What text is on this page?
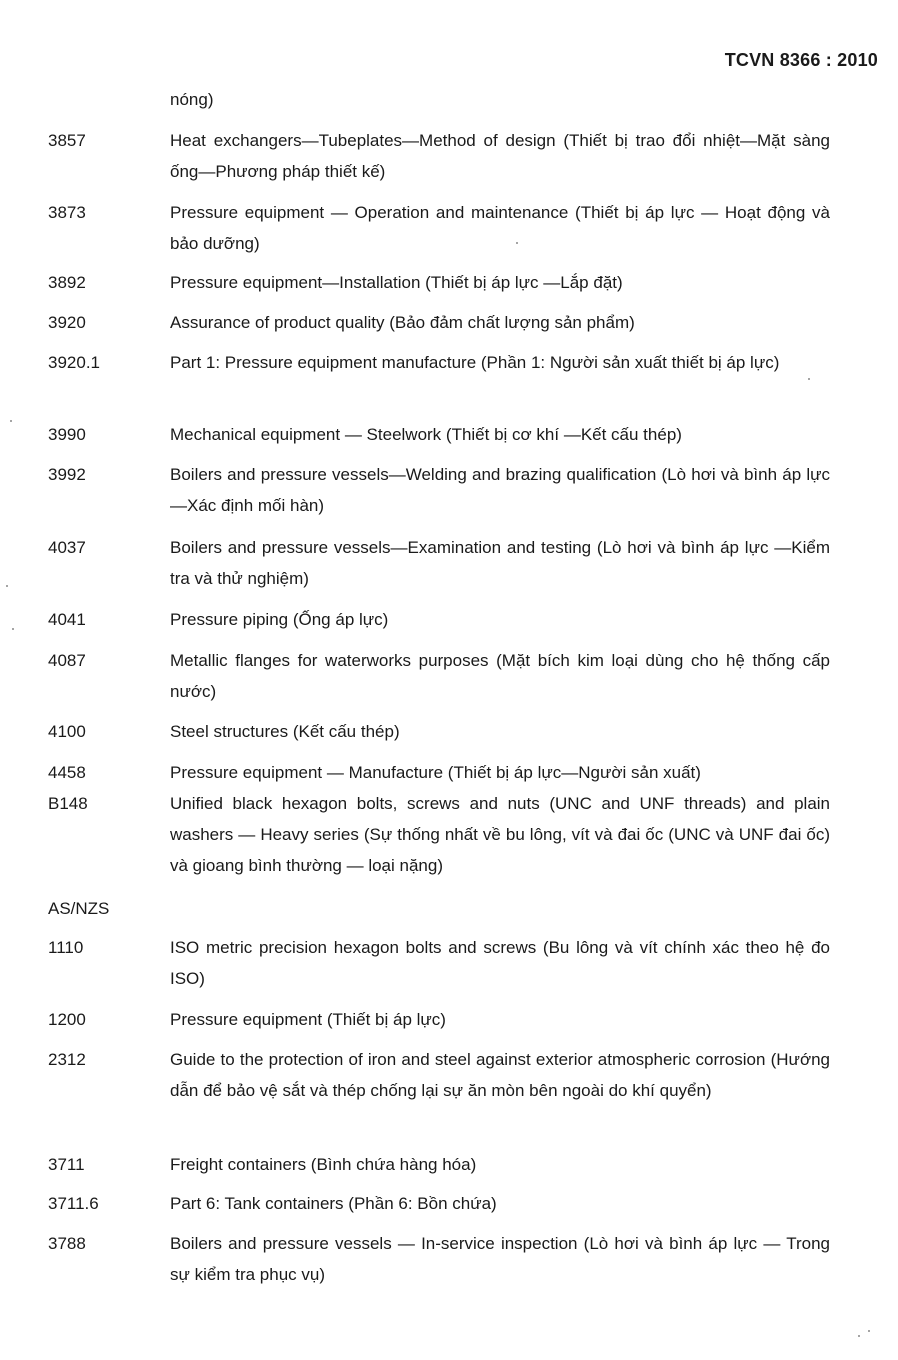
TCVN 8366 : 2010
nóng)
3857	Heat exchangers—Tubeplates—Method of design (Thiết bị trao đổi nhiệt—Mặt sàng ống—Phương pháp thiết kế)
3873	Pressure equipment — Operation and maintenance (Thiết bị áp lực — Hoạt động và bảo dưỡng)
3892	Pressure equipment—Installation (Thiết bị áp lực —Lắp đặt)
3920	Assurance of product quality (Bảo đảm chất lượng sản phẩm)
3920.1	Part 1: Pressure equipment manufacture (Phần 1: Người sản xuất thiết bị áp lực)
3990	Mechanical equipment — Steelwork (Thiết bị cơ khí —Kết cấu thép)
3992	Boilers and pressure vessels—Welding and brazing qualification (Lò hơi và bình áp lực—Xác định mối hàn)
4037	Boilers and pressure vessels—Examination and testing (Lò hơi và bình áp lực —Kiểm tra và thử nghiệm)
4041	Pressure piping (Ống áp lực)
4087	Metallic flanges for waterworks purposes (Mặt bích kim loại dùng cho hệ thống cấp nước)
4100	Steel structures (Kết cấu thép)
4458	Pressure equipment — Manufacture (Thiết bị áp lực—Người sản xuất)
B148	Unified black hexagon bolts, screws and nuts (UNC and UNF threads) and plain washers — Heavy series (Sự thống nhất về bu lông, vít và đai ốc (UNC và UNF đai ốc) và gioang bình thường — loại nặng)
AS/NZS
1110	ISO metric precision hexagon bolts and screws (Bu lông và vít chính xác theo hệ đo ISO)
1200	Pressure equipment (Thiết bị áp lực)
2312	Guide to the protection of iron and steel against exterior atmospheric corrosion (Hướng dẫn để bảo vệ sắt và thép chống lại sự ăn mòn bên ngoài do khí quyển)
3711	Freight containers (Bình chứa hàng hóa)
3711.6	Part 6: Tank containers (Phần 6: Bồn chứa)
3788	Boilers and pressure vessels — In-service inspection (Lò hơi và bình áp lực — Trong sự kiểm tra phục vụ)
